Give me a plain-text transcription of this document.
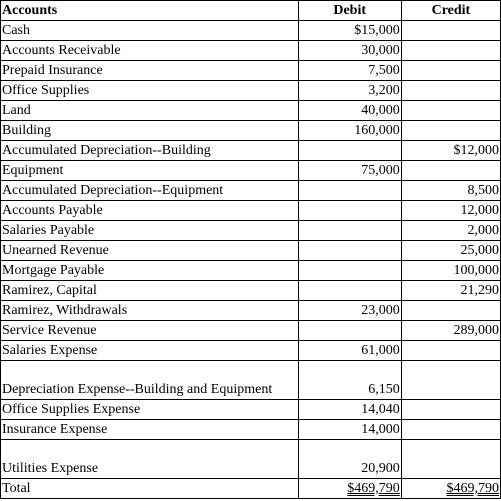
Accounts	Debit	Credit
Cash	$15,000	
Accounts Receivable	30,000	
Prepaid Insurance	7,500	
Office Supplies	3,200	
Land	40,000	
Building	160,000	
Accumulated Depreciation--Building		$12,000
Equipment	75,000	
Accumulated Depreciation--Equipment		8,500
Accounts Payable		12,000
Salaries Payable		2,000
Unearned Revenue		25,000
Mortgage Payable		100,000
Ramirez, Capital		21,290
Ramirez, Withdrawals	23,000	
Service Revenue		289,000
Salaries Expense	61,000	
Depreciation Expense--Building and Equipment	6,150	
Office Supplies Expense	14,040	
Insurance Expense	14,000	
Utilities Expense	20,900	
Total	$469,790	$469,790
